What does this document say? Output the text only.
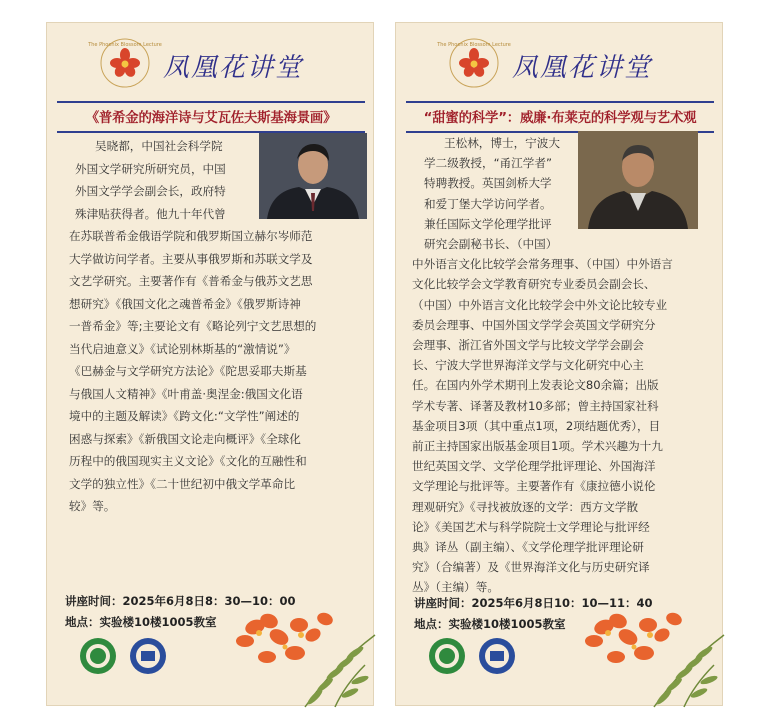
The Phoenix Blossom Lecture
凤凰花讲堂
《普希金的海洋诗与艾瓦佐夫斯基海景画》
吴晓都，中国社会科学院
外国文学研究所研究员，中国
外国文学学会副会长，政府特
殊津贴获得者。他九十年代曾
在苏联普希金俄语学院和俄罗斯国立赫尔岑师范
大学做访问学者。主要从事俄罗斯和苏联文学及
文艺学研究。主要著作有《普希金与俄苏文艺思
想研究》《俄国文化之魂普希金》《俄罗斯诗神
一普希金》等;主要论文有《略论列宁文艺思想的
当代启迪意义》《试论别林斯基的“激情说”》
《巴赫金与文学研究方法论》《陀思妥耶夫斯基
与俄国人文精神》《叶甫盖·奥涅金:俄国文化语
境中的主题及解读》《跨文化:“文学性”阐述的
困惑与探索》《新俄国文论走向概评》《全球化
历程中的俄国现实主义文论》《文化的互融性和
文学的独立性》《二十世纪初中俄文学革命比
较》等。
讲座时间：2025年6月8日8：30—10：00
地点：实验楼10楼1005教室
The Phoenix Blossom Lecture
凤凰花讲堂
“甜蜜的科学”：威廉·布莱克的科学观与艺术观
王松林，博士，宁波大
学二级教授，“甬江学者”
特聘教授。英国剑桥大学
和爱丁堡大学访问学者。
兼任国际文学伦理学批评
研究会副秘书长、（中国）
中外语言文化比较学会常务理事、（中国）中外语言
文化比较学会文学教育研究专业委员会副会长、
（中国）中外语言文化比较学会中外文论比较专业
委员会理事、中国外国文学学会英国文学研究分
会理事、浙江省外国文学与比较文学学会副会
长、宁波大学世界海洋文学与文化研究中心主
任。在国内外学术期刊上发表论文80余篇；出版
学术专著、译著及教材10多部；曾主持国家社科
基金项目3项（其中重点1项，2项结题优秀），目
前正主持国家出版基金项目1项。学术兴趣为十九
世纪英国文学、文学伦理学批评理论、外国海洋
文学理论与批评等。主要著作有《康拉德小说伦
理观研究》《寻找被放逐的文学：西方文学散
论》《美国艺术与科学院院士文学理论与批评经
典》译丛（副主编）、《文学伦理学批评理论研
究》（合编著）及《世界海洋文化与历史研究译
丛》（主编）等。
讲座时间：2025年6月8日10：10—11：40
地点：实验楼10楼1005教室
